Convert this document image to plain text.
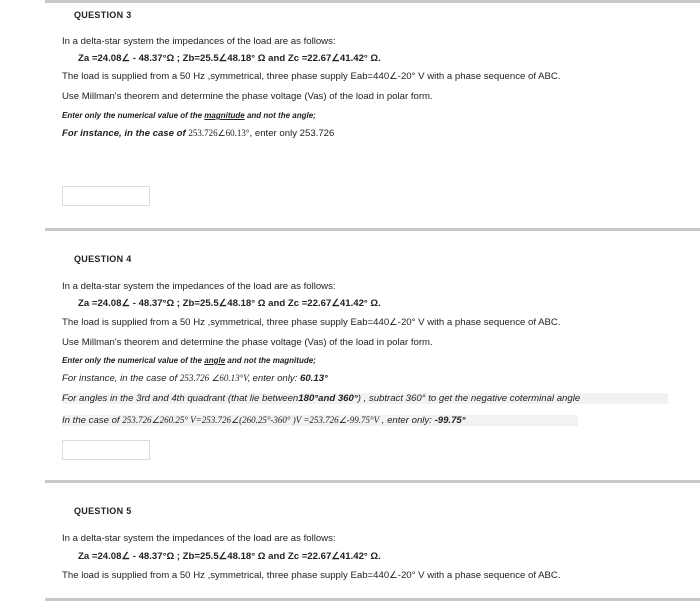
QUESTION 3
In a delta-star system the impedances of the load are as follows:
Za =24.08∠ - 48.37°Ω ; Zb=25.5∠48.18° Ω and Zc =22.67∠41.42° Ω.
The load is supplied from a 50 Hz ,symmetrical, three phase supply Eab=440∠-20° V with a phase sequence of ABC.
Use Millman's theorem and determine the phase voltage (Vas) of the load in polar form.
Enter only the numerical value of the magnitude and not the angle;
For instance, in the case of 253.726∠60.13°, enter only 253.726
QUESTION 4
In a delta-star system the impedances of the load are as follows:
Za =24.08∠ - 48.37°Ω ; Zb=25.5∠48.18° Ω and Zc =22.67∠41.42° Ω.
The load is supplied from a 50 Hz ,symmetrical, three phase supply Eab=440∠-20° V with a phase sequence of ABC.
Use Millman's theorem and determine the phase voltage (Vas) of the load in polar form.
Enter only the numerical value of the angle and not the magnitude;
For instance, in the case of 253.726 ∠60.13°V, enter only: 60.13°
For angles in the 3rd and 4th quadrant (that lie between180°and 360°) , subtract 360° to get the negative coterminal angle
In the case of 253.726∠260.25° V=253.726∠(260.25°-360° )V =253.726∠-99.75°V , enter only: -99.75°
QUESTION 5
In a delta-star system the impedances of the load are as follows:
Za =24.08∠ - 48.37°Ω ; Zb=25.5∠48.18° Ω and Zc =22.67∠41.42° Ω.
The load is supplied from a 50 Hz ,symmetrical, three phase supply Eab=440∠-20° V with a phase sequence of ABC.
